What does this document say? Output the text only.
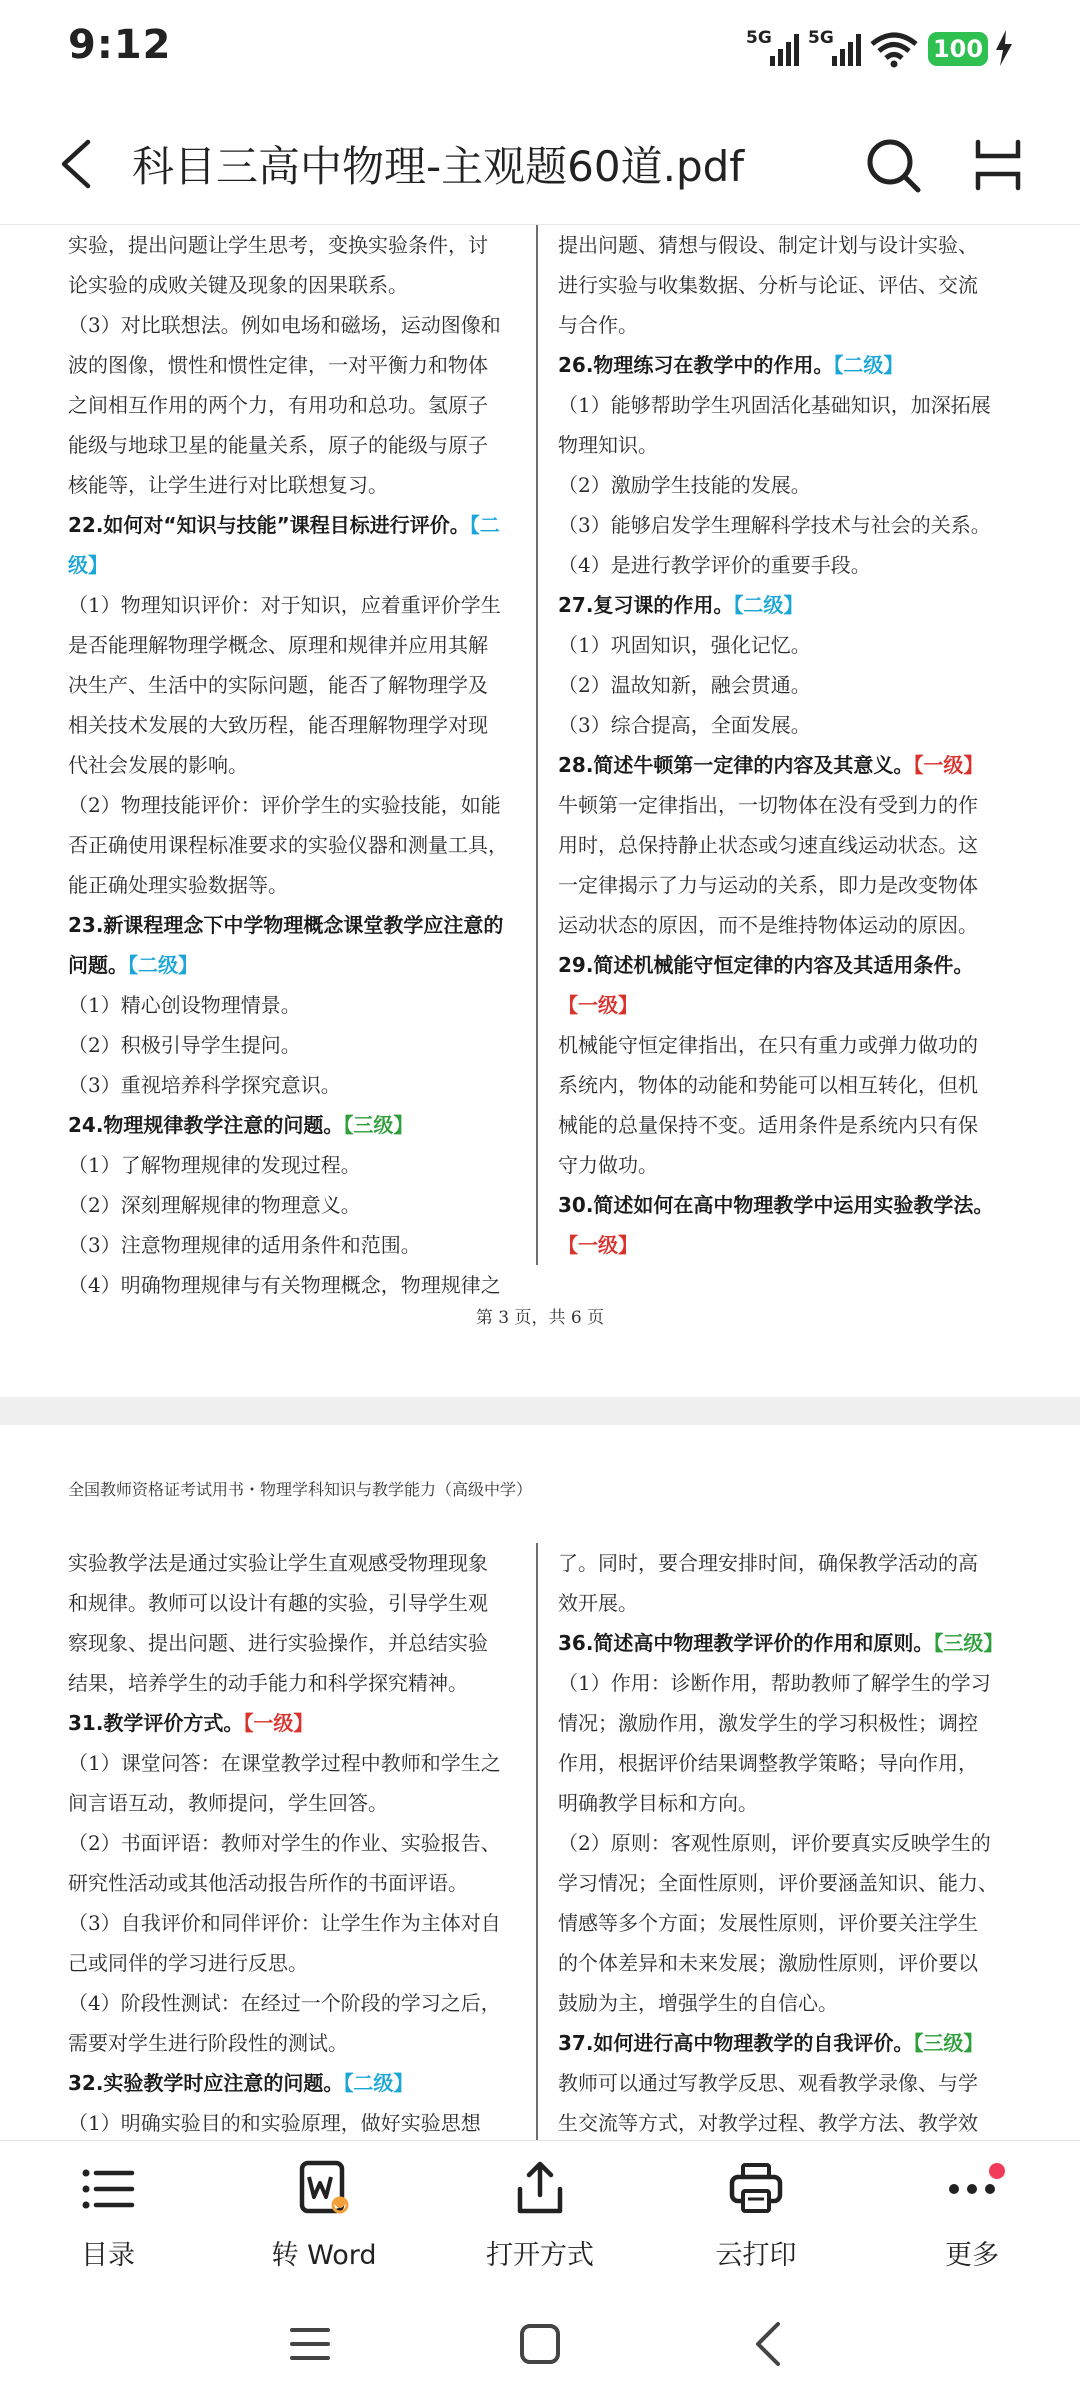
9:12	5G 5G	100
科目三高中物理-主观题60道.pdf

实验，提出问题让学生思考，变换实验条件，讨

论实验的成败关键及现象的因果联系。

（3）对比联想法。例如电场和磁场，运动图像和

波的图像，惯性和惯性定律，一对平衡力和物体

之间相互作用的两个力，有用功和总功。氢原子

能级与地球卫星的能量关系，原子的能级与原子

核能等，让学生进行对比联想复习。

22.如何对“知识与技能”课程目标进行评价。【二级】

（1）物理知识评价：对于知识，应着重评价学生

是否能理解物理学概念、原理和规律并应用其解

决生产、生活中的实际问题，能否了解物理学及

相关技术发展的大致历程，能否理解物理学对现

代社会发展的影响。

（2）物理技能评价：评价学生的实验技能，如能

否正确使用课程标准要求的实验仪器和测量工具，

能正确处理实验数据等。

23.新课程理念下中学物理概念课堂教学应注意的

问题。【二级】

（1）精心创设物理情景。

（2）积极引导学生提问。

（3）重视培养科学探究意识。

24.物理规律教学注意的问题。【三级】

（1）了解物理规律的发现过程。

（2）深刻理解规律的物理意义。

（3）注意物理规律的适用条件和范围。

（4）明确物理规律与有关物理概念，物理规律之

提出问题、猜想与假设、制定计划与设计实验、

进行实验与收集数据、分析与论证、评估、交流

与合作。

26.物理练习在教学中的作用。【二级】

（1）能够帮助学生巩固活化基础知识，加深拓展

物理知识。

（2）激励学生技能的发展。

（3）能够启发学生理解科学技术与社会的关系。

（4）是进行教学评价的重要手段。

27.复习课的作用。【二级】

（1）巩固知识，强化记忆。

（2）温故知新，融会贯通。

（3）综合提高，全面发展。

28.简述牛顿第一定律的内容及其意义。【一级】

牛顿第一定律指出，一切物体在没有受到力的作

用时，总保持静止状态或匀速直线运动状态。这

一定律揭示了力与运动的关系，即力是改变物体

运动状态的原因，而不是维持物体运动的原因。

29.简述机械能守恒定律的内容及其适用条件。

【一级】

机械能守恒定律指出，在只有重力或弹力做功的

系统内，物体的动能和势能可以相互转化，但机

械能的总量保持不变。适用条件是系统内只有保

守力做功。

30.简述如何在高中物理教学中运用实验教学法。

【一级】

第 3 页，共 6 页
全国教师资格证考试用书・物理学科知识与教学能力（高级中学）

实验教学法是通过实验让学生直观感受物理现象

和规律。教师可以设计有趣的实验，引导学生观

察现象、提出问题、进行实验操作，并总结实验

结果，培养学生的动手能力和科学探究精神。

31.教学评价方式。【一级】

（1）课堂问答：在课堂教学过程中教师和学生之

间言语互动，教师提问，学生回答。

（2）书面评语：教师对学生的作业、实验报告、

研究性活动或其他活动报告所作的书面评语。

（3）自我评价和同伴评价：让学生作为主体对自

己或同伴的学习进行反思。

（4）阶段性测试：在经过一个阶段的学习之后，

需要对学生进行阶段性的测试。

32.实验教学时应注意的问题。【二级】

（1）明确实验目的和实验原理，做好实验思想

了。同时，要合理安排时间，确保教学活动的高

效开展。

36.简述高中物理教学评价的作用和原则。【三级】

（1）作用：诊断作用，帮助教师了解学生的学习

情况；激励作用，激发学生的学习积极性；调控

作用，根据评价结果调整教学策略；导向作用，

明确教学目标和方向。

（2）原则：客观性原则，评价要真实反映学生的

学习情况；全面性原则，评价要涵盖知识、能力、

情感等多个方面；发展性原则，评价要关注学生

的个体差异和未来发展；激励性原则，评价要以

鼓励为主，增强学生的自信心。

37.如何进行高中物理教学的自我评价。【三级】

教师可以通过写教学反思、观看教学录像、与学

生交流等方式，对教学过程、教学方法、教学效

目录	转 Word	打开方式	云打印	更多
